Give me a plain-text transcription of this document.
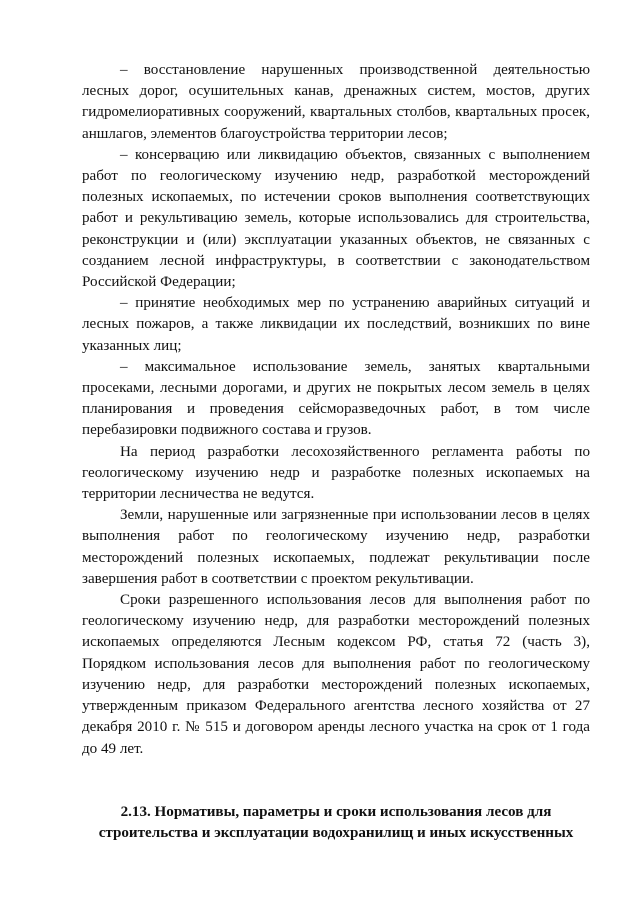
– восстановление нарушенных производственной деятельностью лесных дорог, осушительных канав, дренажных систем, мостов, других гидромелиоративных сооружений, квартальных столбов, квартальных просек, аншлагов, элементов благоустройства территории лесов;

– консервацию или ликвидацию объектов, связанных с выполнением работ по геологическому изучению недр, разработкой месторождений полезных ископаемых, по истечении сроков выполнения соответствующих работ и рекультивацию земель, которые использовались для строительства, реконструкции и (или) эксплуатации указанных объектов, не связанных с созданием лесной инфраструктуры, в соответствии с законодательством Российской Федерации;

– принятие необходимых мер по устранению аварийных ситуаций и лесных пожаров, а также ликвидации их последствий, возникших по вине указанных лиц;

– максимальное использование земель, занятых квартальными просеками, лесными дорогами, и других не покрытых лесом земель в целях планирования и проведения сейсморазведочных работ, в том числе перебазировки подвижного состава и грузов.

На период разработки лесохозяйственного регламента работы по геологическому изучению недр и разработке полезных ископаемых на территории лесничества не ведутся.

Земли, нарушенные или загрязненные при использовании лесов в целях выполнения работ по геологическому изучению недр, разработки месторождений полезных ископаемых, подлежат рекультивации после завершения работ в соответствии с проектом рекультивации.

Сроки разрешенного использования лесов для выполнения работ по геологическому изучению недр, для разработки месторождений полезных ископаемых определяются Лесным кодексом РФ, статья 72 (часть 3), Порядком использования лесов для выполнения работ по геологическому изучению недр, для разработки месторождений полезных ископаемых, утвержденным приказом Федерального агентства лесного хозяйства от 27 декабря 2010 г. № 515 и договором аренды лесного участка на срок от 1 года до 49 лет.

2.13. Нормативы, параметры и сроки использования лесов для строительства и эксплуатации водохранилищ и иных искусственных
